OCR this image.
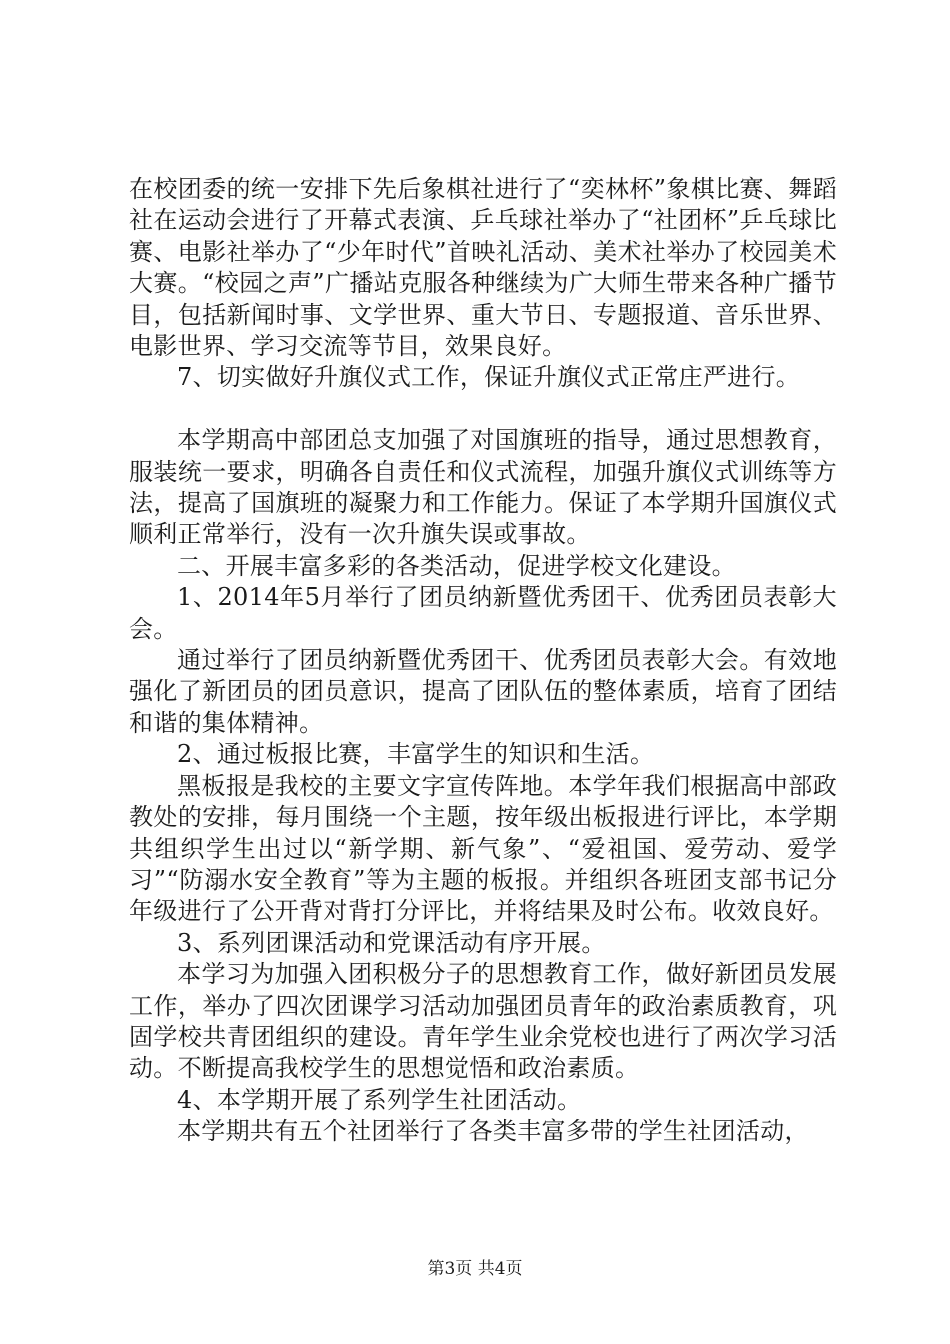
在校团委的统一安排下先后象棋社进行了“奕林杯”象棋比赛、舞蹈社在运动会进行了开幕式表演、乒乓球社举办了“社团杯”乒乓球比赛、电影社举办了“少年时代”首映礼活动、美术社举办了校园美术大赛。“校园之声”广播站克服各种继续为广大师生带来各种广播节目，包括新闻时事、文学世界、重大节日、专题报道、音乐世界、电影世界、学习交流等节目，效果良好。

7、切实做好升旗仪式工作，保证升旗仪式正常庄严进行。

本学期高中部团总支加强了对国旗班的指导，通过思想教育，服装统一要求，明确各自责任和仪式流程，加强升旗仪式训练等方法，提高了国旗班的凝聚力和工作能力。保证了本学期升国旗仪式顺利正常举行，没有一次升旗失误或事故。

二、开展丰富多彩的各类活动，促进学校文化建设。

1、2014年5月举行了团员纳新暨优秀团干、优秀团员表彰大会。

通过举行了团员纳新暨优秀团干、优秀团员表彰大会。有效地强化了新团员的团员意识，提高了团队伍的整体素质，培育了团结和谐的集体精神。

2、通过板报比赛，丰富学生的知识和生活。

黑板报是我校的主要文字宣传阵地。本学年我们根据高中部政教处的安排，每月围绕一个主题，按年级出板报进行评比，本学期共组织学生出过以“新学期、新气象”、“爱祖国、爱劳动、爱学习”“防溺水安全教育”等为主题的板报。并组织各班团支部书记分年级进行了公开背对背打分评比，并将结果及时公布。收效良好。

3、系列团课活动和党课活动有序开展。

本学习为加强入团积极分子的思想教育工作，做好新团员发展工作，举办了四次团课学习活动加强团员青年的政治素质教育，巩固学校共青团组织的建设。青年学生业余党校也进行了两次学习活动。不断提高我校学生的思想觉悟和政治素质。

4、本学期开展了系列学生社团活动。

本学期共有五个社团举行了各类丰富多带的学生社团活动，

第3页 共4页
